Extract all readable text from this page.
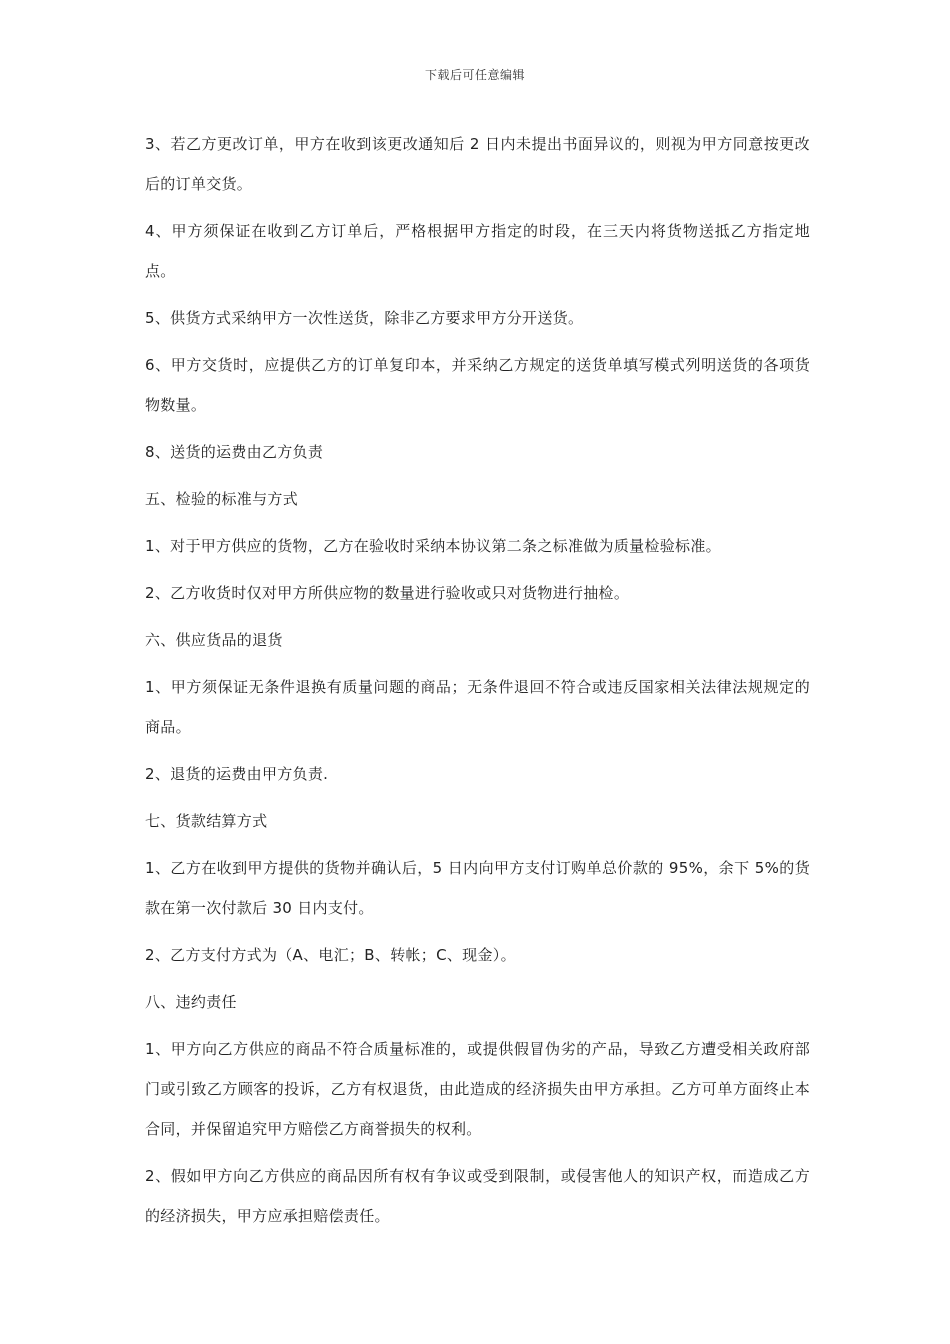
下载后可任意编辑

3、若乙方更改订单，甲方在收到该更改通知后 2 日内未提出书面异议的，则视为甲方同意按更改后的订单交货。

4、甲方须保证在收到乙方订单后，严格根据甲方指定的时段，在三天内将货物送抵乙方指定地点。

5、供货方式采纳甲方一次性送货，除非乙方要求甲方分开送货。

6、甲方交货时，应提供乙方的订单复印本，并采纳乙方规定的送货单填写模式列明送货的各项货物数量。

8、送货的运费由乙方负责

五、检验的标准与方式

1、对于甲方供应的货物，乙方在验收时采纳本协议第二条之标准做为质量检验标准。

2、乙方收货时仅对甲方所供应物的数量进行验收或只对货物进行抽检。

六、供应货品的退货

1、甲方须保证无条件退换有质量问题的商品；无条件退回不符合或违反国家相关法律法规规定的商品。

2、退货的运费由甲方负责.

七、货款结算方式

1、乙方在收到甲方提供的货物并确认后，5 日内向甲方支付订购单总价款的 95%，余下 5%的货款在第一次付款后 30 日内支付。

2、乙方支付方式为（A、电汇；B、转帐；C、现金）。

八、违约责任

1、甲方向乙方供应的商品不符合质量标准的，或提供假冒伪劣的产品，导致乙方遭受相关政府部门或引致乙方顾客的投诉，乙方有权退货，由此造成的经济损失由甲方承担。乙方可单方面终止本合同，并保留追究甲方赔偿乙方商誉损失的权利。

2、假如甲方向乙方供应的商品因所有权有争议或受到限制，或侵害他人的知识产权，而造成乙方的经济损失，甲方应承担赔偿责任。
